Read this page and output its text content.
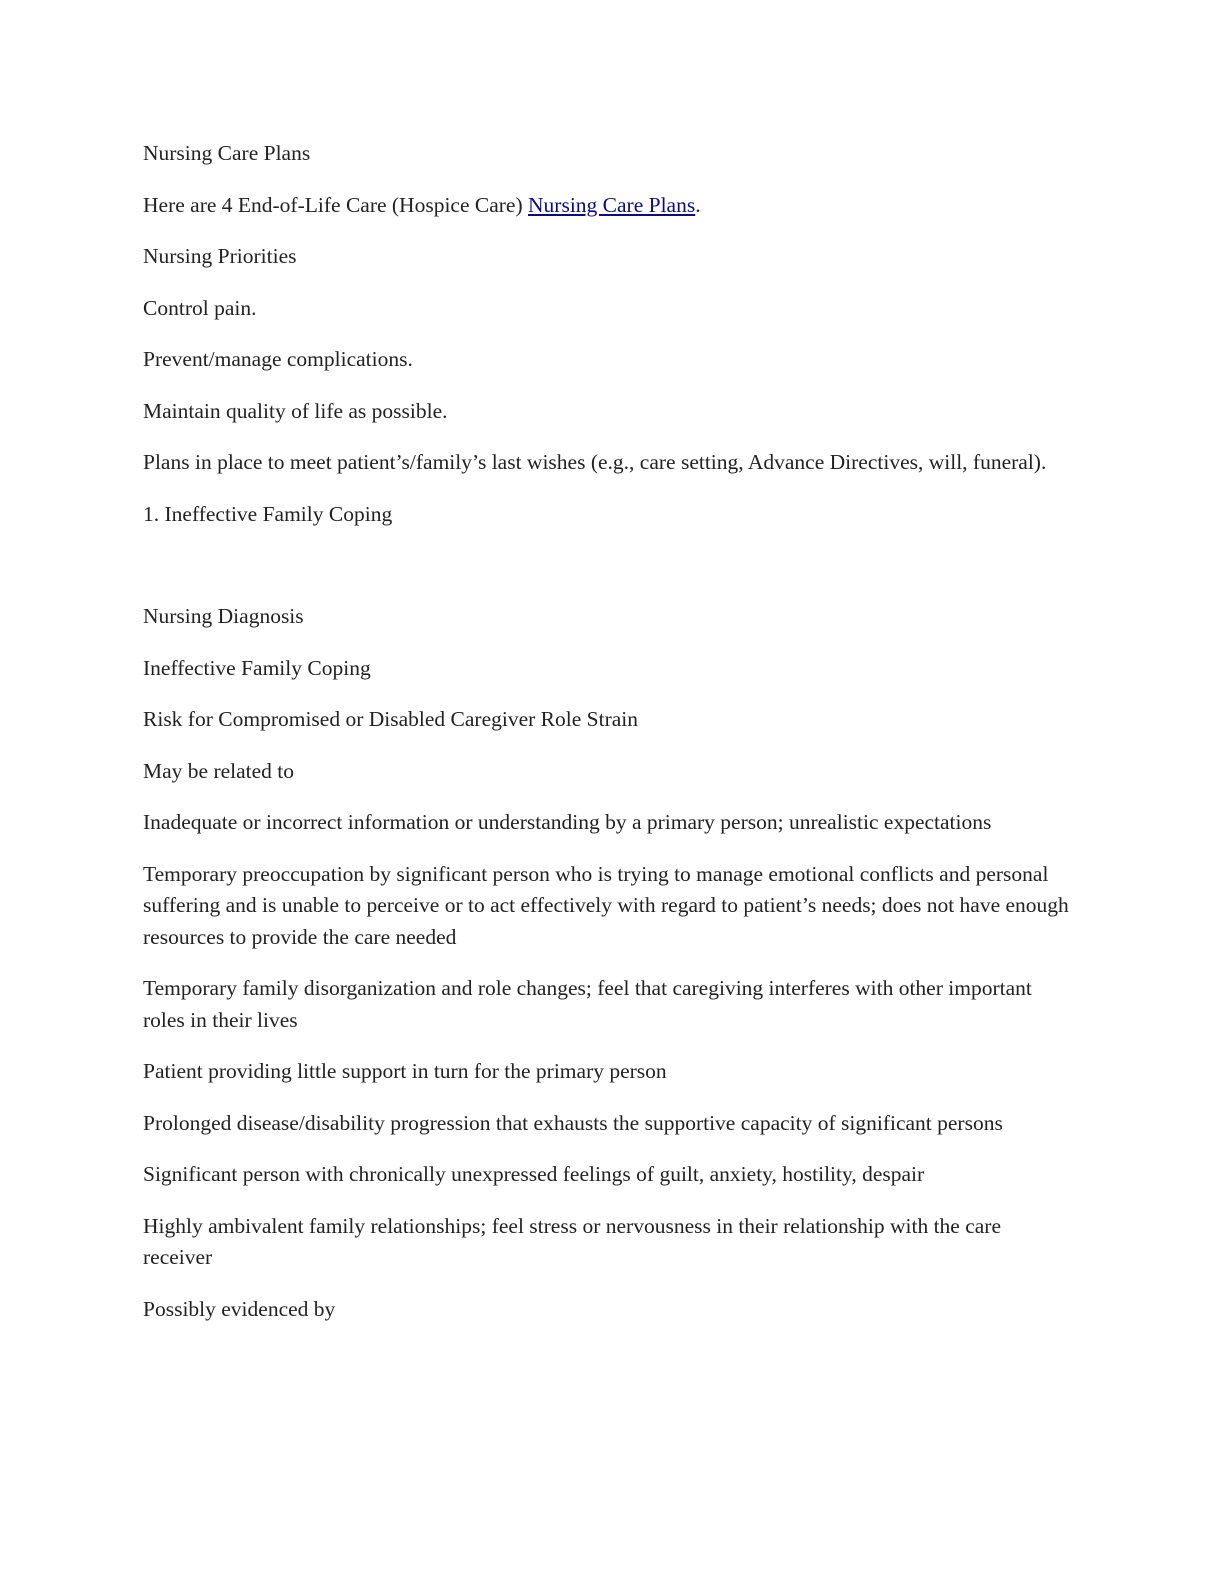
Nursing Care Plans

Here are 4 End-of-Life Care (Hospice Care) Nursing Care Plans.

Nursing Priorities

Control pain.

Prevent/manage complications.

Maintain quality of life as possible.

Plans in place to meet patient’s/family’s last wishes (e.g., care setting, Advance Directives, will, funeral).

1. Ineffective Family Coping

Nursing Diagnosis

Ineffective Family Coping

Risk for Compromised or Disabled Caregiver Role Strain

May be related to

Inadequate or incorrect information or understanding by a primary person; unrealistic expectations

Temporary preoccupation by significant person who is trying to manage emotional conflicts and personal suffering and is unable to perceive or to act effectively with regard to patient’s needs; does not have enough resources to provide the care needed

Temporary family disorganization and role changes; feel that caregiving interferes with other important roles in their lives

Patient providing little support in turn for the primary person

Prolonged disease/disability progression that exhausts the supportive capacity of significant persons

Significant person with chronically unexpressed feelings of guilt, anxiety, hostility, despair

Highly ambivalent family relationships; feel stress or nervousness in their relationship with the care receiver

Possibly evidenced by
